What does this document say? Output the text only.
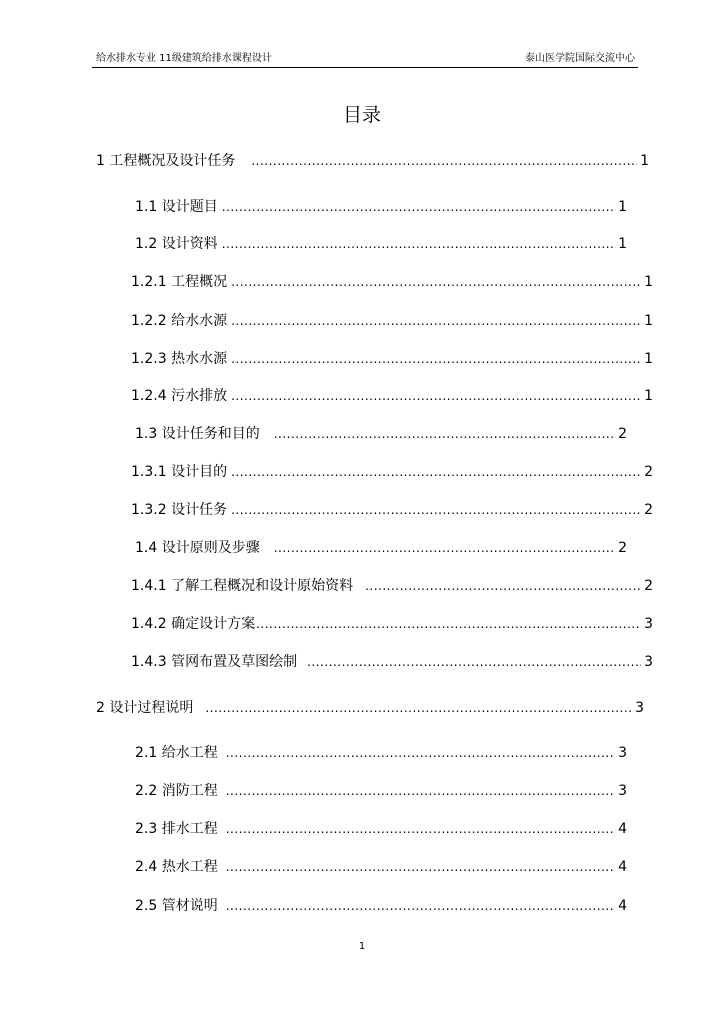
给水排水专业 11级建筑给排水课程设计	泰山医学院国际交流中心
目录
1 工程概况及设计任务 .....	1
1.1 设计题目 .....	1
1.2 设计资料 .....	1
1.2.1 工程概况 .....	1
1.2.2 给水水源 .....	1
1.2.3 热水水源 .....	1
1.2.4 污水排放 .....	1
1.3 设计任务和目的 .....	2
1.3.1 设计目的 .....	2
1.3.2 设计任务 .....	2
1.4 设计原则及步骤 .....	2
1.4.1 了解工程概况和设计原始资料 .....	2
1.4.2 确定设计方案 .....	3
1.4.3 管网布置及草图绘制 .....	3
2 设计过程说明 .....	3
2.1 给水工程 .....	3
2.2 消防工程 .....	3
2.3 排水工程 .....	4
2.4 热水工程 .....	4
2.5 管材说明 .....	4
1
